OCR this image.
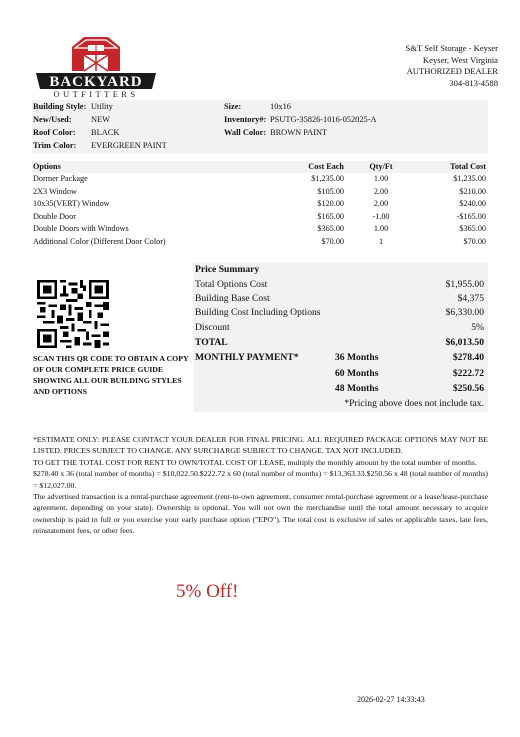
BACKYARD
OUTFITTERS
S&T Self Storage - Keyser
Keyser, West Virginia
AUTHORIZED DEALER
304-813-4588
Building Style: Utility
New/Used: NEW
Roof Color: BLACK
Trim Color: EVERGREEN PAINT
Size:	10x16
Inventory#: PSUTG-35826-1016-052025-A
Wall Color: BROWN PAINT
Options	Cost Each	Qty/Ft	Total Cost
Dormer Package	$1,235.00	1.00	$1,235.00
2X3 Window	$105.00	2.00	$210.00
10x35(VERT) Window	$120.00	2.00	$240.00
Double Door	$165.00	-1.00	-$165.00
Double Doors with Windows	$365.00	1.00	$365.00
Additional Color (Different Door Color)	$70.00	1	$70.00
SCAN THIS QR CODE TO OBTAIN A COPY OF OUR COMPLETE PRICE GUIDE SHOWING ALL OUR BUILDING STYLES AND OPTIONS
Price Summary
Total Options Cost	$1,955.00
Building Base Cost	$4,375
Building Cost Including Options	$6,330.00
Discount	5%
TOTAL	$6,013.50
MONTHLY PAYMENT*	36 Months	$278.40
60 Months	$222.72
48 Months	$250.56
*Pricing above does not include tax.

*ESTIMATE ONLY: PLEASE CONTACT YOUR DEALER FOR FINAL PRICING. ALL REQUIRED PACKAGE OPTIONS MAY NOT BE LISTED. PRICES SUBJECT TO CHANGE. ANY SURCHARGE SUBJECT TO CHANGE. TAX NOT INCLUDED.

TO GET THE TOTAL COST FOR RENT TO OWN/TOTAL COST OF LEASE, multiply the monthly amount by the total number of months.

$278.40 x 36 (total number of months) = $10,022.50.$222.72 x 60 (total number of months) = $13,363.33.$250.56 x 48 (total number of months) = $12,027.00.

The advertised transaction is a rental-purchase agreement (rent-to-own agreement, consumer rental-purchase agreement or a lease/lease-purchase agreement, depending on your state). Ownership is optional. You will not own the merchandise until the total amount necessary to acquire ownership is paid in full or you exercise your early purchase option ("EPO"). The total cost is exclusive of sales or applicable taxes, late fees, reinstatement fees, or other fees.

5% Off!
2026-02-27 14:33:43
